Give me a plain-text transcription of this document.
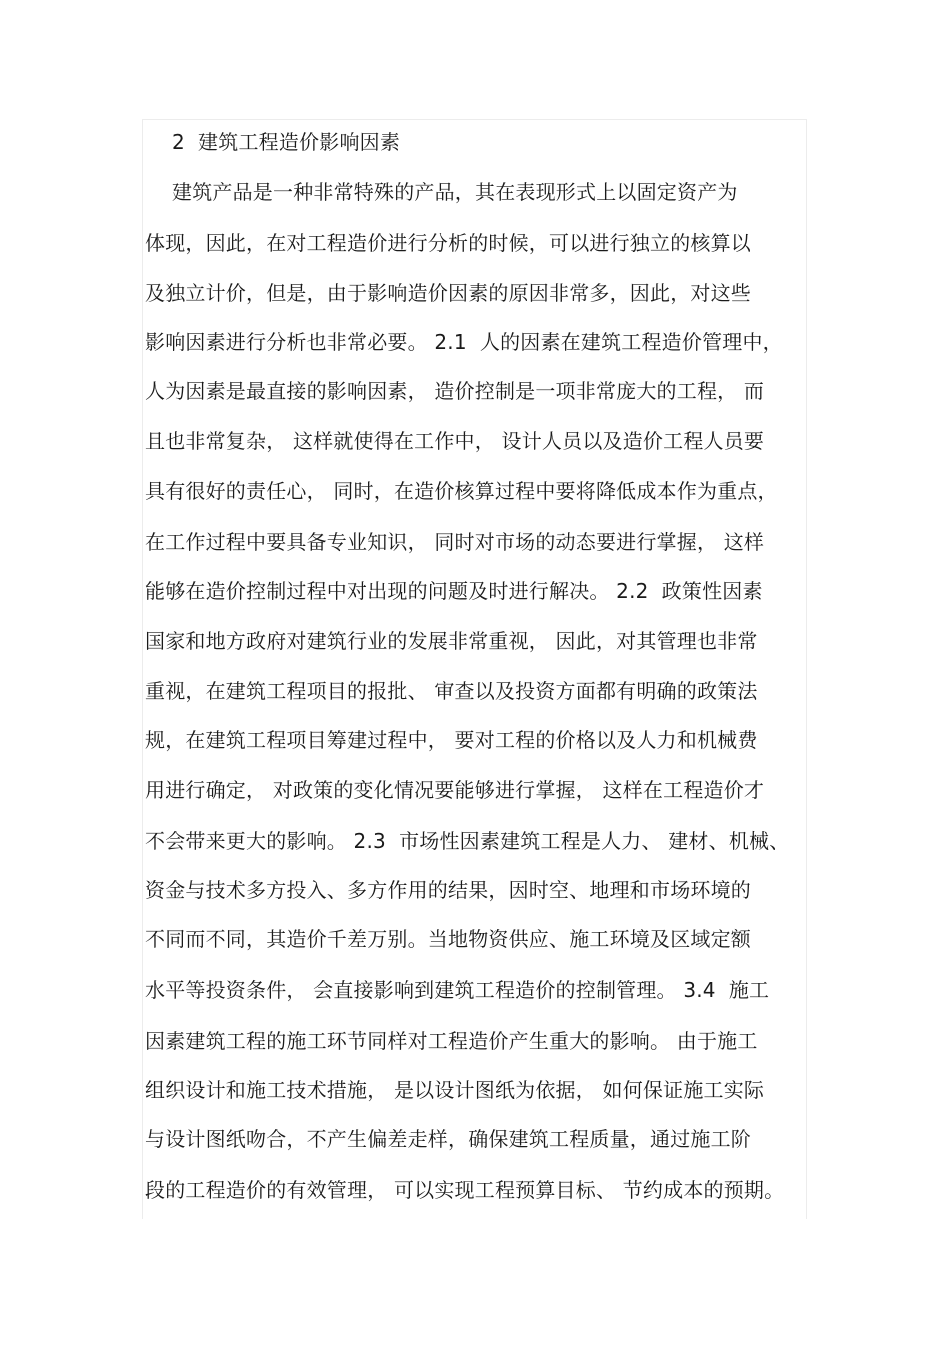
2  建筑工程造价影响因素
建筑产品是一种非常特殊的产品，其在表现形式上以固定资产为
体现，因此，在对工程造价进行分析的时候，可以进行独立的核算以
及独立计价，但是，由于影响造价因素的原因非常多，因此，对这些
影响因素进行分析也非常必要。 2.1  人的因素在建筑工程造价管理中，
人为因素是最直接的影响因素， 造价控制是一项非常庞大的工程， 而
且也非常复杂， 这样就使得在工作中， 设计人员以及造价工程人员要
具有很好的责任心， 同时，在造价核算过程中要将降低成本作为重点，
在工作过程中要具备专业知识， 同时对市场的动态要进行掌握， 这样
能够在造价控制过程中对出现的问题及时进行解决。 2.2  政策性因素
国家和地方政府对建筑行业的发展非常重视， 因此，对其管理也非常
重视，在建筑工程项目的报批、 审查以及投资方面都有明确的政策法
规，在建筑工程项目筹建过程中， 要对工程的价格以及人力和机械费
用进行确定， 对政策的变化情况要能够进行掌握， 这样在工程造价才
不会带来更大的影响。 2.3  市场性因素建筑工程是人力、 建材、机械、
资金与技术多方投入、多方作用的结果，因时空、地理和市场环境的
不同而不同，其造价千差万别。当地物资供应、施工环境及区域定额
水平等投资条件， 会直接影响到建筑工程造价的控制管理。 3.4  施工
因素建筑工程的施工环节同样对工程造价产生重大的影响。 由于施工
组织设计和施工技术措施， 是以设计图纸为依据， 如何保证施工实际
与设计图纸吻合，不产生偏差走样，确保建筑工程质量，通过施工阶
段的工程造价的有效管理， 可以实现工程预算目标、 节约成本的预期。
